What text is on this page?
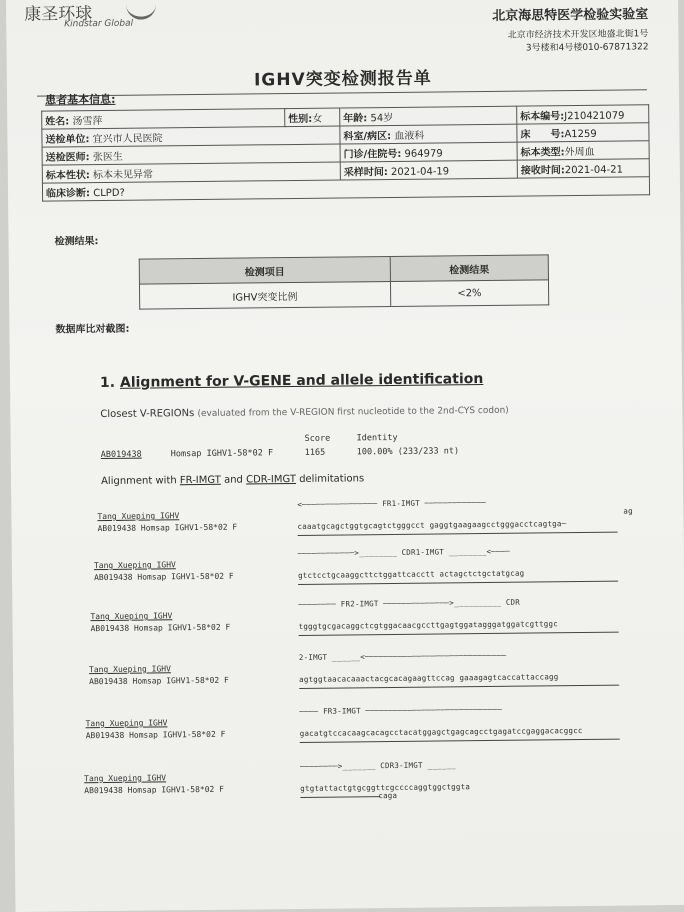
康圣环球
Kindstar Global
北京海思特医学检验实验室
北京市经济技术开发区地盛北街1号
3号楼和4号楼010-67871322
IGHV突变检测报告单
患者基本信息:
姓名: 汤雪萍	性别:女	年龄: 54岁	标本编号:J210421079
送检单位: 宜兴市人民医院		科室/病区: 血液科	床　　号:A1259
送检医师: 张医生		门诊/住院号: 964979	标本类型:外周血
标本性状: 标本未见异常		采样时间: 2021-04-19	接收时间:2021-04-21
临床诊断: CLPD?			
检测结果:
检测项目	检测结果
IGHV突变比例	<2%
数据库比对截图:
1. Alignment for V-GENE and allele identification
Closest V-REGIONs (evaluated from the V-REGION first nucleotide to the 2nd-CYS codon)
Score	Identity
AB019438	Homsap IGHV1-58*02 F	1165	100.00% (233/233 nt)
Alignment with FR-IMGT and CDR-IMGT delimitations
<──────────────── FR1-IMGT ─────────────
ag
Tang_Xueping_IGHV
AB019438 Homsap IGHV1-58*02 F	caaatgcagctggtgcagtctgggcct gaggtgaagaagcctgggacctcagtga─
────────────>________ CDR1-IMGT ________<────
Tang_Xueping_IGHV
AB019438 Homsap IGHV1-58*02 F	gtctcctgcaaggcttctggattcacctt actagctctgctatgcag
──────── FR2-IMGT ──────────────>__________ CDR
Tang_Xueping_IGHV
AB019438 Homsap IGHV1-58*02 F	tgggtgcgacaggctcgtggacaacgccttgagtggatagggatggatcgttggc
2-IMGT ______<──────────────────────────────
Tang_Xueping_IGHV
AB019438 Homsap IGHV1-58*02 F	agtggtaacacaaactacgcacagaagttccag gaaagagtcaccattaccagg
──── FR3-IMGT ─────────────────────────────
Tang_Xueping_IGHV
AB019438 Homsap IGHV1-58*02 F	gacatgtccacaagcacagcctacatggagctgagcagcctgagatccgaggacacggcc
────────>_______ CDR3-IMGT ______
Tang_Xueping_IGHV
AB019438 Homsap IGHV1-58*02 F	gtgtattactgtgcggttcgccccaggtggctggta
caga
